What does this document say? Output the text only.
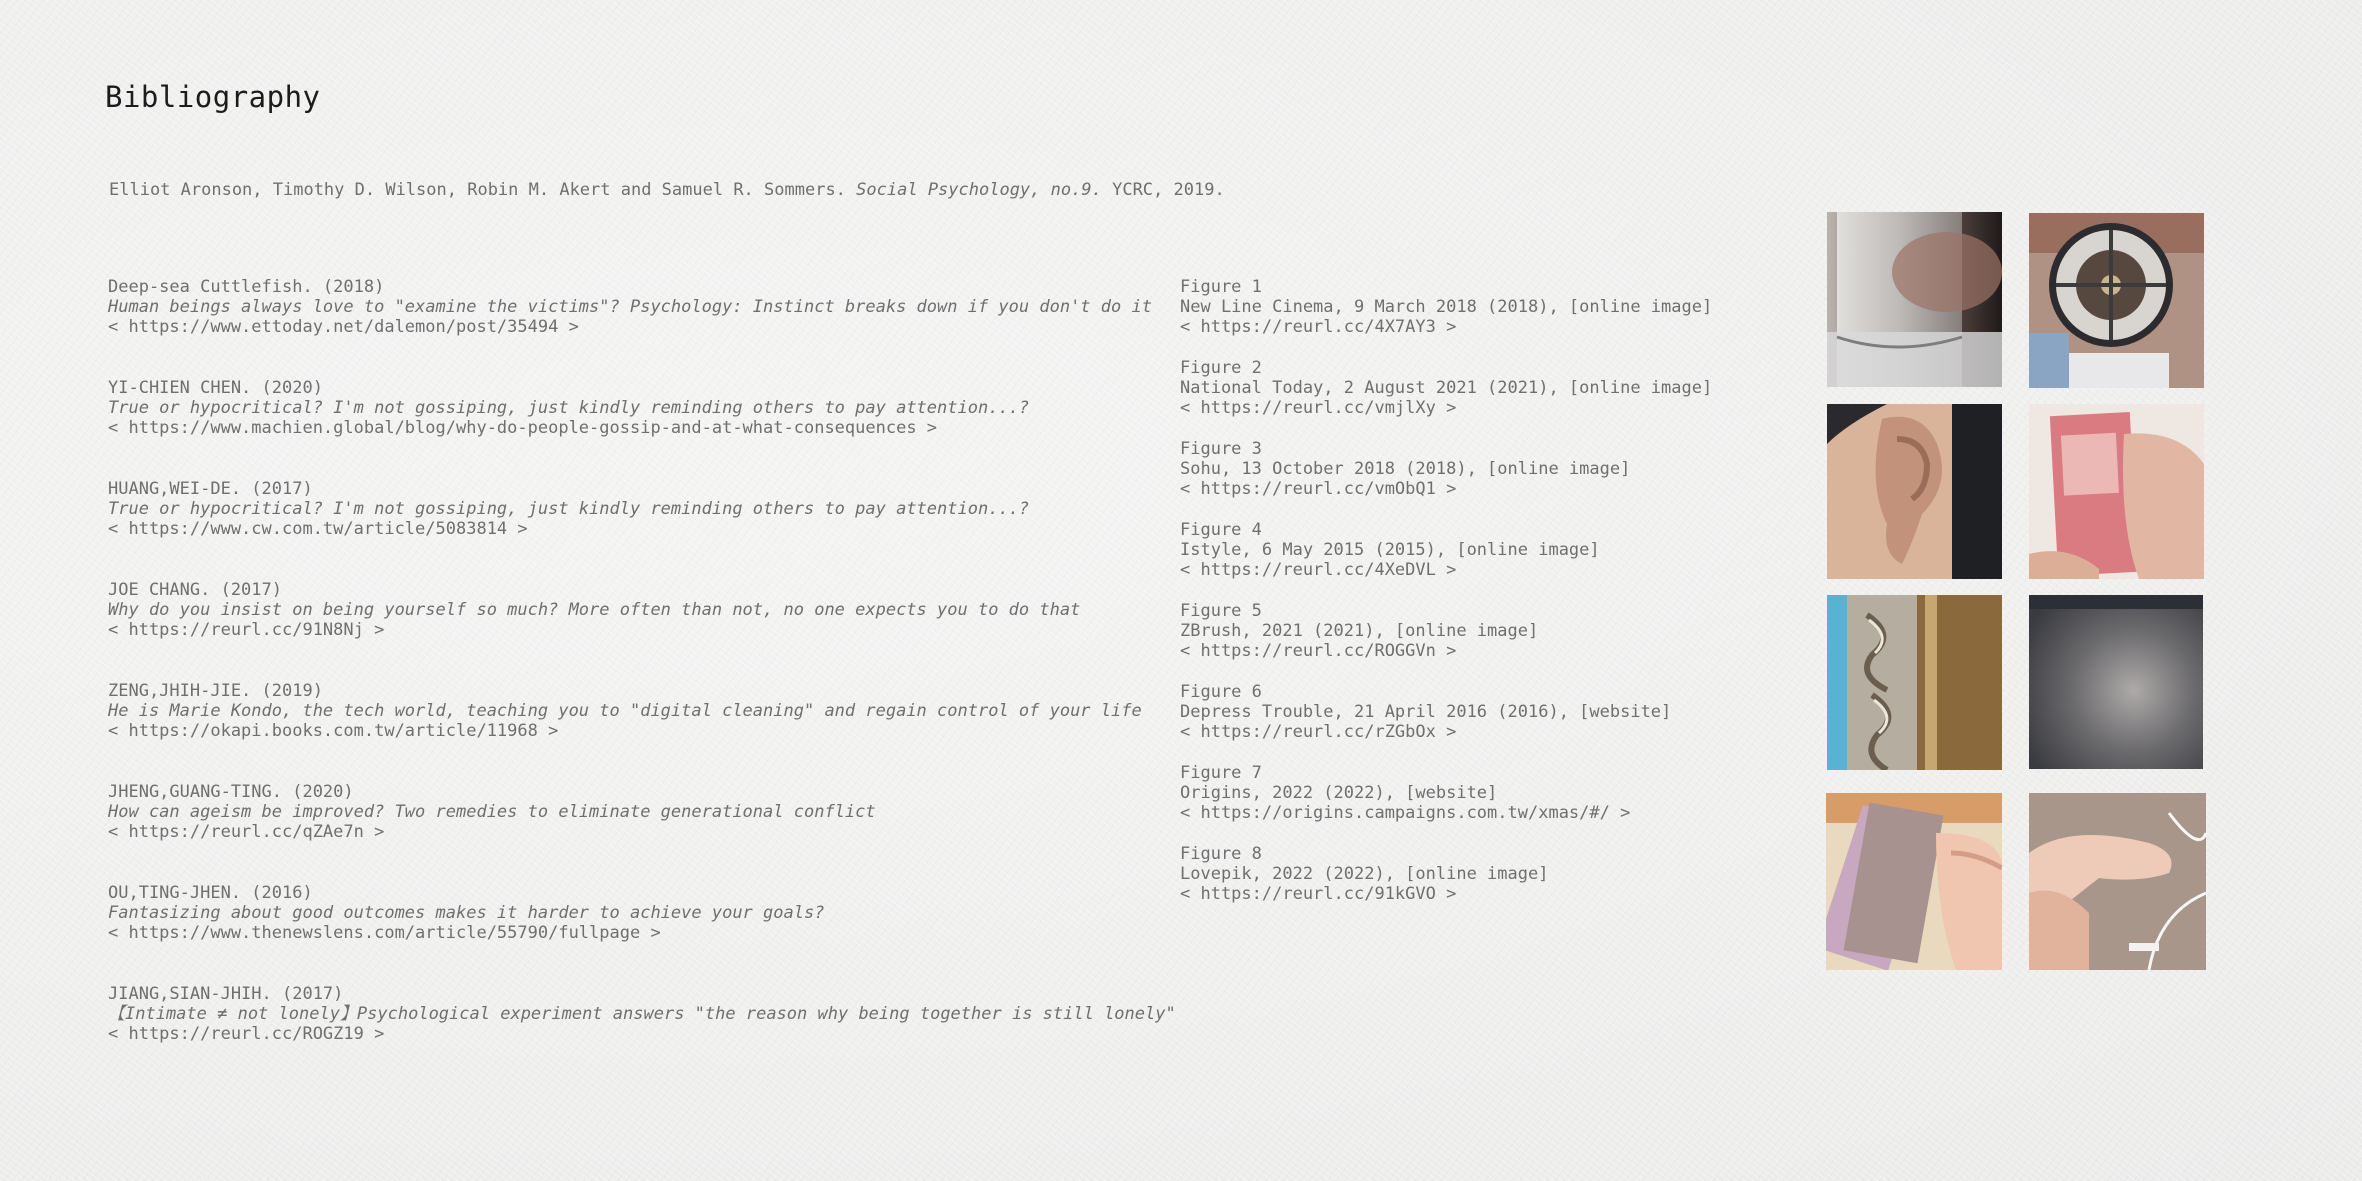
Bibliography
Elliot Aronson, Timothy D. Wilson, Robin M. Akert and Samuel R. Sommers. Social Psychology, no.9. YCRC, 2019.
Deep-sea Cuttlefish. (2018)
Human beings always love to "examine the victims"? Psychology: Instinct breaks down if you don't do it
< https://www.ettoday.net/dalemon/post/35494 >
YI-CHIEN CHEN. (2020)
True or hypocritical? I'm not gossiping, just kindly reminding others to pay attention...?
< https://www.machien.global/blog/why-do-people-gossip-and-at-what-consequences >
HUANG,WEI-DE. (2017)
True or hypocritical? I'm not gossiping, just kindly reminding others to pay attention...?
< https://www.cw.com.tw/article/5083814 >
JOE CHANG. (2017)
Why do you insist on being yourself so much? More often than not, no one expects you to do that
< https://reurl.cc/91N8Nj >
ZENG,JHIH-JIE. (2019)
He is Marie Kondo, the tech world, teaching you to "digital cleaning" and regain control of your life
< https://okapi.books.com.tw/article/11968 >
JHENG,GUANG-TING. (2020)
How can ageism be improved? Two remedies to eliminate generational conflict
< https://reurl.cc/qZAe7n >
OU,TING-JHEN. (2016)
Fantasizing about good outcomes makes it harder to achieve your goals?
< https://www.thenewslens.com/article/55790/fullpage >
JIANG,SIAN-JHIH. (2017)
【Intimate ≠ not lonely】Psychological experiment answers "the reason why being together is still lonely"
< https://reurl.cc/ROGZ19 >
Figure 1
New Line Cinema, 9 March 2018 (2018), [online image]
< https://reurl.cc/4X7AY3 >
Figure 2
National Today, 2 August 2021 (2021), [online image]
< https://reurl.cc/vmjlXy >
Figure 3
Sohu, 13 October 2018 (2018), [online image]
< https://reurl.cc/vmObQ1 >
Figure 4
Istyle, 6 May 2015 (2015), [online image]
< https://reurl.cc/4XeDVL >
Figure 5
ZBrush, 2021 (2021), [online image]
< https://reurl.cc/ROGGVn >
Figure 6
Depress Trouble, 21 April 2016 (2016), [website]
< https://reurl.cc/rZGbOx >
Figure 7
Origins, 2022 (2022), [website]
< https://origins.campaigns.com.tw/xmas/#/ >
Figure 8
Lovepik, 2022 (2022), [online image]
< https://reurl.cc/91kGVO >
